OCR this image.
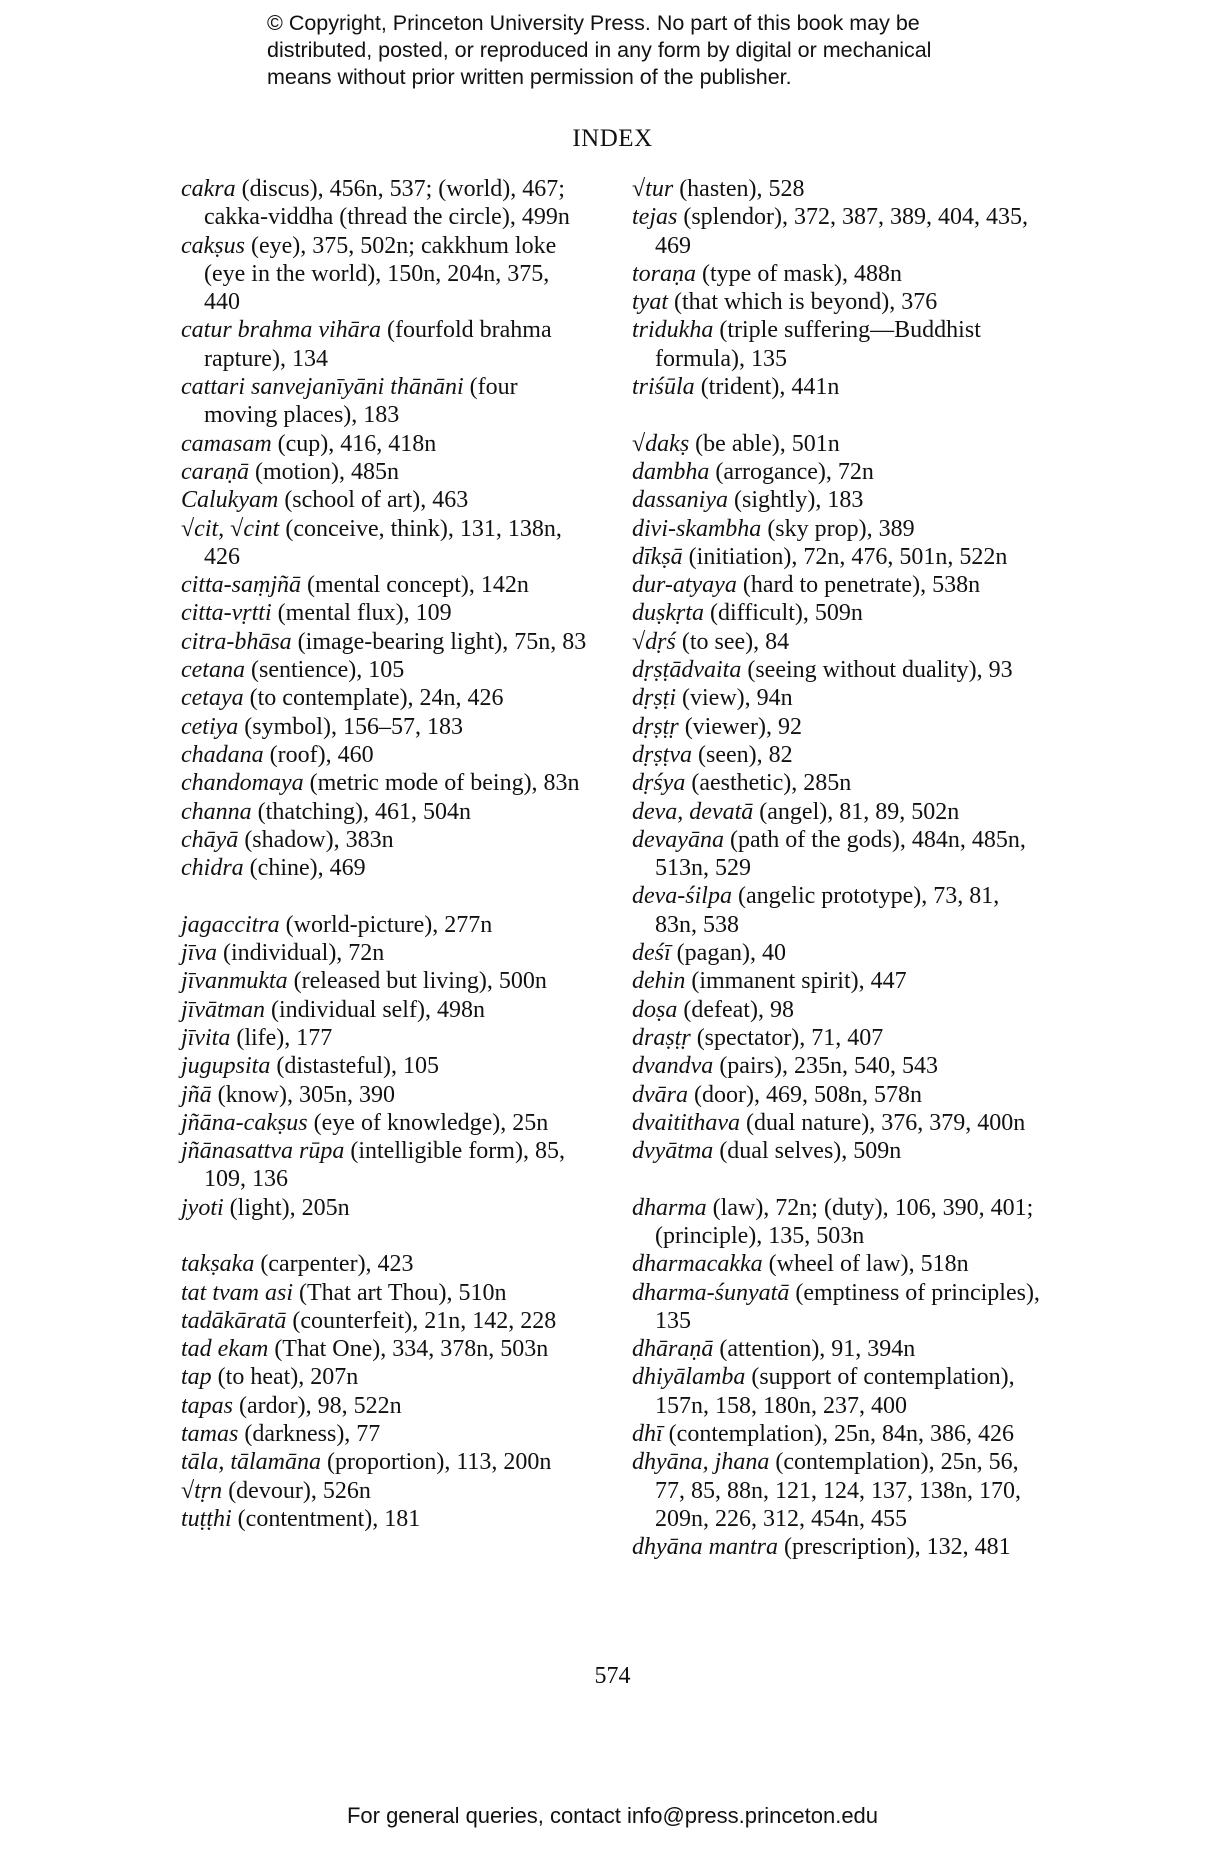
© Copyright, Princeton University Press. No part of this book may be
distributed, posted, or reproduced in any form by digital or mechanical
means without prior written permission of the publisher.
INDEX
cakra (discus), 456n, 537; (world), 467; cakka-viddha (thread the circle), 499n
cakṣus (eye), 375, 502n; cakkhum loke (eye in the world), 150n, 204n, 375, 440
catur brahma vihāra (fourfold brahma rapture), 134
cattari sanvejanīyāni thānāni (four moving places), 183
camasam (cup), 416, 418n
caraṇā (motion), 485n
Calukyam (school of art), 463
√cit, √cint (conceive, think), 131, 138n, 426
citta-saṃjñā (mental concept), 142n
citta-vṛtti (mental flux), 109
citra-bhāsa (image-bearing light), 75n, 83
cetana (sentience), 105
cetaya (to contemplate), 24n, 426
cetiya (symbol), 156–57, 183
chadana (roof), 460
chandomaya (metric mode of being), 83n
channa (thatching), 461, 504n
chāyā (shadow), 383n
chidra (chine), 469
jagaccitra (world-picture), 277n
jīva (individual), 72n
jīvanmukta (released but living), 500n
jīvātman (individual self), 498n
jīvita (life), 177
jugupsita (distasteful), 105
jñā (know), 305n, 390
jñāna-cakṣus (eye of knowledge), 25n
jñānasattva rūpa (intelligible form), 85, 109, 136
jyoti (light), 205n
takṣaka (carpenter), 423
tat tvam asi (That art Thou), 510n
tadākāratā (counterfeit), 21n, 142, 228
tad ekam (That One), 334, 378n, 503n
tap (to heat), 207n
tapas (ardor), 98, 522n
tamas (darkness), 77
tāla, tālamāna (proportion), 113, 200n
√tṛn (devour), 526n
tuṭṭhi (contentment), 181
√tur (hasten), 528
tejas (splendor), 372, 387, 389, 404, 435, 469
toraṇa (type of mask), 488n
tyat (that which is beyond), 376
tridukha (triple suffering—Buddhist formula), 135
triśūla (trident), 441n
√dakṣ (be able), 501n
dambha (arrogance), 72n
dassaniya (sightly), 183
divi-skambha (sky prop), 389
dīkṣā (initiation), 72n, 476, 501n, 522n
dur-atyaya (hard to penetrate), 538n
duṣkṛta (difficult), 509n
√dṛś (to see), 84
dṛṣṭādvaita (seeing without duality), 93
dṛṣṭi (view), 94n
dṛṣṭṛ (viewer), 92
dṛṣṭva (seen), 82
dṛśya (aesthetic), 285n
deva, devatā (angel), 81, 89, 502n
devayāna (path of the gods), 484n, 485n, 513n, 529
deva-śilpa (angelic prototype), 73, 81, 83n, 538
deśī (pagan), 40
dehin (immanent spirit), 447
doṣa (defeat), 98
draṣṭṛ (spectator), 71, 407
dvandva (pairs), 235n, 540, 543
dvāra (door), 469, 508n, 578n
dvaitithava (dual nature), 376, 379, 400n
dvyātma (dual selves), 509n
dharma (law), 72n; (duty), 106, 390, 401; (principle), 135, 503n
dharmacakka (wheel of law), 518n
dharma-śunyatā (emptiness of principles), 135
dhāraṇā (attention), 91, 394n
dhiyālamba (support of contemplation), 157n, 158, 180n, 237, 400
dhī (contemplation), 25n, 84n, 386, 426
dhyāna, jhana (contemplation), 25n, 56, 77, 85, 88n, 121, 124, 137, 138n, 170, 209n, 226, 312, 454n, 455
dhyāna mantra (prescription), 132, 481
574
For general queries, contact info@press.princeton.edu
